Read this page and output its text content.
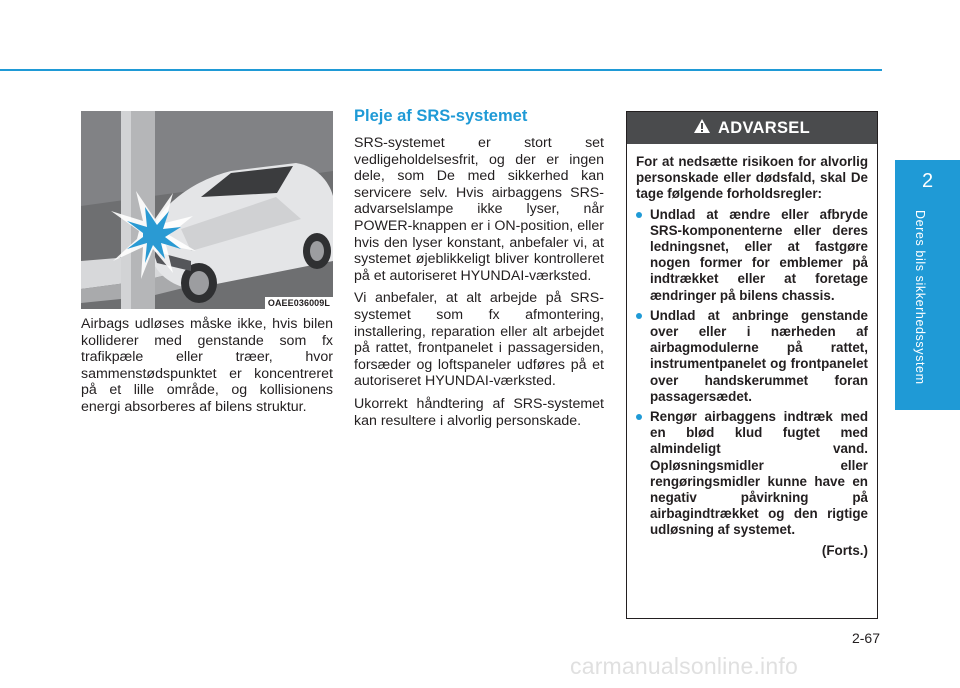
OAEE036009L

Airbags udløses måske ikke, hvis bilen kolliderer med genstande som fx trafikpæle eller træer, hvor sammenstødspunktet er koncentreret på et lille område, og kollisionens energi absorberes af bilens struktur.

Pleje af SRS-systemet

SRS-systemet er stort set vedligeholdelsesfrit, og der er ingen dele, som De med sikkerhed kan servicere selv. Hvis airbaggens SRS-advarselslampe ikke lyser, når POWER-knappen er i ON-position, eller hvis den lyser konstant, anbefaler vi, at systemet øjeblikkeligt bliver kontrolleret på et autoriseret HYUNDAI-værksted.

Vi anbefaler, at alt arbejde på SRS-systemet som fx afmontering, installering, reparation eller alt arbejdet på rattet, frontpanelet i passagersiden, forsæder og loftspaneler udføres på et autoriseret HYUNDAI-værksted.

Ukorrekt håndtering af SRS-systemet kan resultere i alvorlig personskade.

ADVARSEL

For at nedsætte risikoen for alvorlig personskade eller dødsfald, skal De tage følgende forholdsregler:

Undlad at ændre eller afbryde SRS-komponenterne eller deres ledningsnet, eller at fastgøre nogen former for emblemer på indtrækket eller at foretage ændringer på bilens chassis.
Undlad at anbringe genstande over eller i nærheden af airbagmodulerne på rattet, instrumentpanelet og frontpanelet over handskerummet foran passagersædet.
Rengør airbaggens indtræk med en blød klud fugtet med almindeligt vand. Opløsningsmidler eller rengøringsmidler kunne have en negativ påvirkning på airbagindtrækket og den rigtige udløsning af systemet.
(Forts.)
2
Deres bils sikkerhedssystem
2-67
carmanualsonline.info
